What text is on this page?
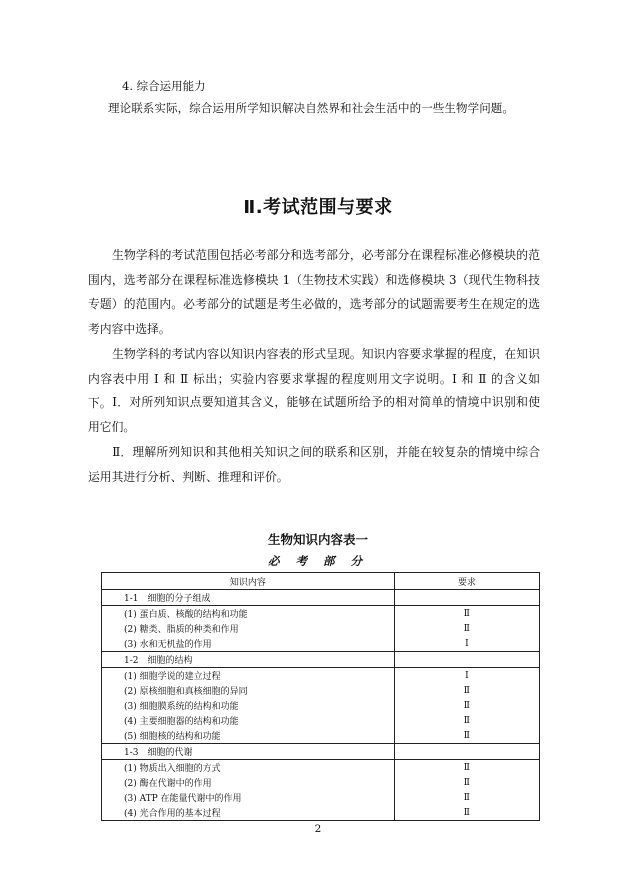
4. 综合运用能力
理论联系实际，综合运用所学知识解决自然界和社会生活中的一些生物学问题。
Ⅱ.考试范围与要求

生物学科的考试范围包括必考部分和选考部分，必考部分在课程标准必修模块的范围内，选考部分在课程标准选修模块 1（生物技术实践）和选修模块 3（现代生物科技专题）的范围内。必考部分的试题是考生必做的，选考部分的试题需要考生在规定的选考内容中选择。

生物学科的考试内容以知识内容表的形式呈现。知识内容要求掌握的程度，在知识内容表中用 Ⅰ 和 Ⅱ 标出；实验内容要求掌握的程度则用文字说明。Ⅰ 和 Ⅱ 的含义如下。 Ⅰ．对所列知识点要知道其含义，能够在试题所给予的相对简单的情境中识别和使用它们。

Ⅱ．理解所列知识和其他相关知识之间的联系和区别，并能在较复杂的情境中综合运用其进行分析、判断、推理和评价。

生物知识内容表一
必 考 部 分
知识内容	要求
1-1　细胞的分子组成	
(1) 蛋白质、核酸的结构和功能	Ⅱ
(2) 糖类、脂质的种类和作用	Ⅱ
(3) 水和无机盐的作用	Ⅰ
1-2　细胞的结构	
(1) 细胞学说的建立过程	Ⅰ
(2) 原核细胞和真核细胞的异同	Ⅱ
(3) 细胞膜系统的结构和功能	Ⅱ
(4) 主要细胞器的结构和功能	Ⅱ
(5) 细胞核的结构和功能	Ⅱ
1-3　细胞的代谢	
(1) 物质出入细胞的方式	Ⅱ
(2) 酶在代谢中的作用	Ⅱ
(3) ATP 在能量代谢中的作用	Ⅱ
(4) 光合作用的基本过程	Ⅱ
2
